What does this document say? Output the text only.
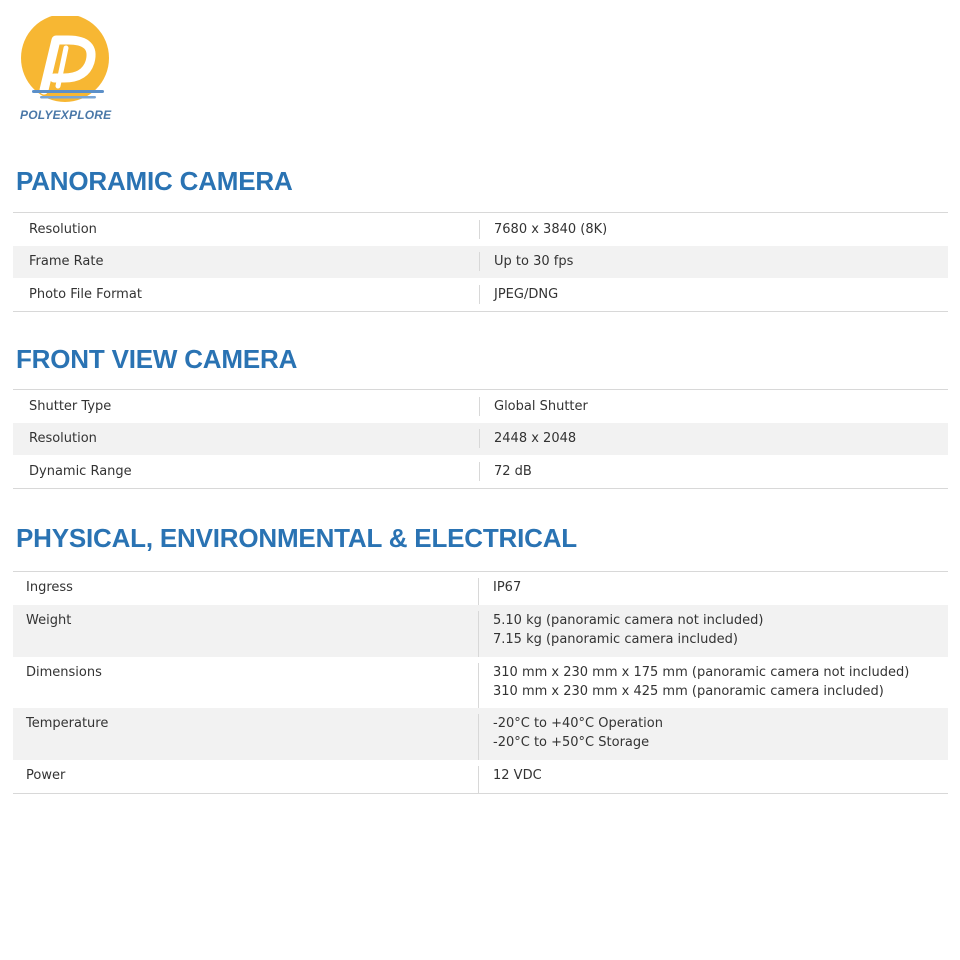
POLYEXPLORE
PANORAMIC CAMERA
Resolution	7680 x 3840 (8K)
Frame Rate	Up to 30 fps
Photo File Format	JPEG/DNG
FRONT VIEW CAMERA
Shutter Type	Global Shutter
Resolution	2448 x 2048
Dynamic Range	72 dB
PHYSICAL, ENVIRONMENTAL & ELECTRICAL
Ingress	IP67
Weight	5.10 kg (panoramic camera not included)
7.15 kg (panoramic camera included)
Dimensions	310 mm x 230 mm x 175 mm (panoramic camera not included)
310 mm x 230 mm x 425 mm (panoramic camera included)
Temperature	-20°C to +40°C Operation
-20°C to +50°C Storage
Power	12 VDC
